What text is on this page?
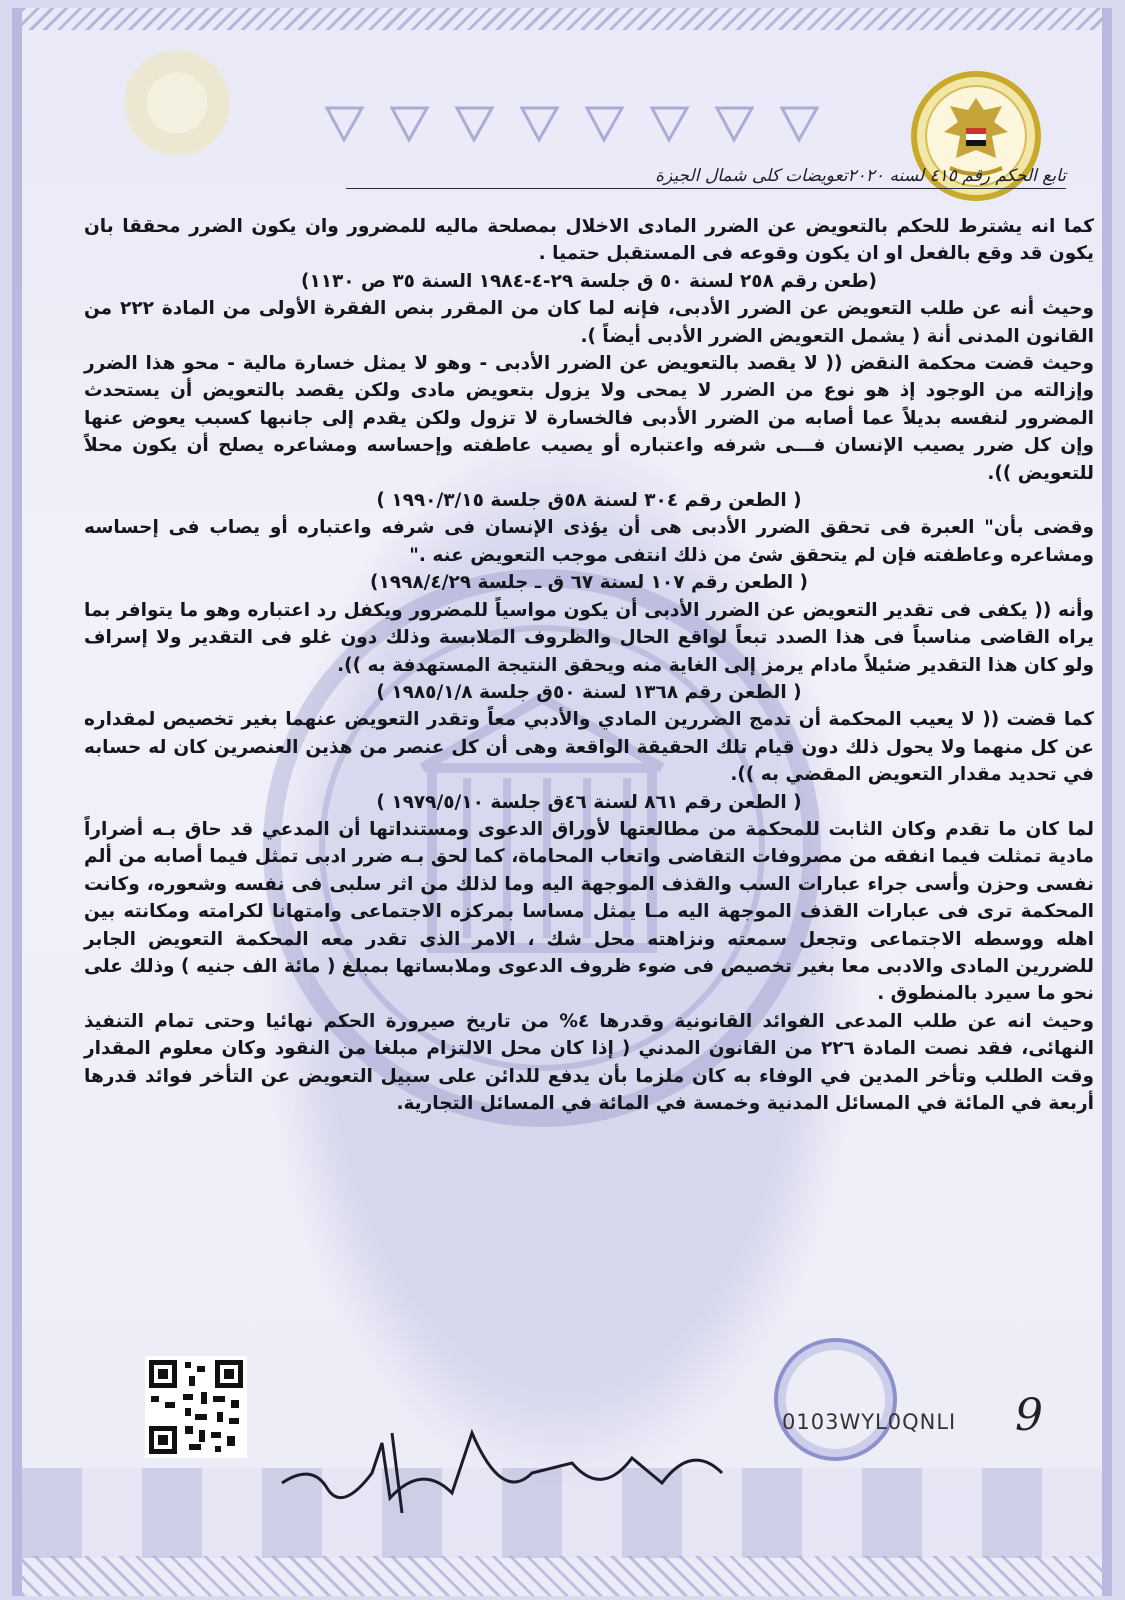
تابع الحكم رقم ٤١٥ لسنه ٢٠٢٠تعويضات كلى شمال الجيزة

كما انه يشترط للحكم بالتعويض عن الضرر المادى الاخلال بمصلحة ماليه للمضرور وان يكون الضرر محققا بان يكون قد وقع بالفعل او ان يكون وقوعه فى المستقبل حتميا .

(طعن رقم ٢٥٨ لسنة ٥٠ ق جلسة ٢٩-٤-١٩٨٤ السنة ٣٥ ص ١١٣٠)

وحيث أنه عن طلب التعويض عن الضرر الأدبى، فإنه لما كان من المقرر بنص الفقرة الأولى من المادة ٢٢٢ من القانون المدنى أنة ( يشمل التعويض الضرر الأدبى أيضاً ).

وحيث قضت محكمة النقض (( لا يقصد بالتعويض عن الضرر الأدبى - وهو لا يمثل خسارة مالية - محو هذا الضرر وإزالته من الوجود إذ هو نوع من الضرر لا يمحى ولا يزول بتعويض مادى ولكن يقصد بالتعويض أن يستحدث المضرور لنفسه بديلاً عما أصابه من الضرر الأدبى فالخسارة لا تزول ولكن يقدم إلى جانبها كسبب يعوض عنها وإن كل ضرر يصيب الإنسان فـــى شرفه واعتباره أو يصيب عاطفته وإحساسه ومشاعره يصلح أن يكون محلاً للتعويض )).

( الطعن رقم ٣٠٤ لسنة ٥٨ق جلسة ١٩٩٠/٣/١٥ )

وقضى بأن" العبرة فى تحقق الضرر الأدبى هى أن يؤذى الإنسان فى شرفه واعتباره أو يصاب فى إحساسه ومشاعره وعاطفته فإن لم يتحقق شئ من ذلك انتفى موجب التعويض عنه ."

( الطعن رقم ١٠٧ لسنة ٦٧ ق ـ جلسة ١٩٩٨/٤/٢٩)

وأنه (( يكفى فى تقدير التعويض عن الضرر الأدبى أن يكون مواسياً للمضرور ويكفل رد اعتباره وهو ما يتوافر بما يراه القاضى مناسباً فى هذا الصدد تبعاً لواقع الحال والظروف الملابسة وذلك دون غلو فى التقدير ولا إسراف ولو كان هذا التقدير ضئيلاً مادام يرمز إلى الغاية منه ويحقق النتيجة المستهدفة به )).

( الطعن رقم ١٣٦٨ لسنة ٥٠ق جلسة ١٩٨٥/١/٨ )

كما قضت (( لا يعيب المحكمة أن تدمج الضررين المادي والأدبي معاً وتقدر التعويض عنهما بغير تخصيص لمقداره عن كل منهما ولا يحول ذلك دون قيام تلك الحقيقة الواقعة وهى أن كل عنصر من هذين العنصرين كان له حسابه في تحديد مقدار التعويض المقضي به )).

( الطعن رقم ٨٦١ لسنة ٤٦ق جلسة ١٩٧٩/٥/١٠ )

لما كان ما تقدم وكان الثابت للمحكمة من مطالعتها لأوراق الدعوى ومستنداتها أن المدعي قد حاق بـه أضراراً مادية تمثلت فيما انفقه من مصروفات التقاضى واتعاب المحاماة، كما لحق بـه ضرر ادبى تمثل فيما أصابه من ألم نفسى وحزن وأسى جراء عبارات السب والقذف الموجهة اليه وما لذلك من اثر سلبى فى نفسه وشعوره، وكانت المحكمة ترى فى عبارات القذف الموجهة اليه مـا يمثل مساسا بمركزه الاجتماعى وامتهانا لكرامته ومكانته بين اهله ووسطه الاجتماعى وتجعل سمعته ونزاهته محل شك ، الامر الذى تقدر معه المحكمة التعويض الجابر للضررين المادى والادبى معا بغير تخصيص فى ضوء ظروف الدعوى وملابساتها بمبلغ ( مائة الف جنيه ) وذلك على نحو ما سيرد بالمنطوق .

وحيث انه عن طلب المدعى الفوائد القانونية وقدرها ٤% من تاريخ صيرورة الحكم نهائيا وحتى تمام التنفيذ النهائى، فقد نصت المادة ٢٢٦ من القانون المدني ( إذا كان محل الالتزام مبلغا من النقود وكان معلوم المقدار وقت الطلب وتأخر المدين في الوفاء به كان ملزما بأن يدفع للدائن على سبيل التعويض عن التأخر فوائد قدرها أربعة في المائة في المسائل المدنية وخمسة في المائة في المسائل التجارية.

0103WYL0QNLI 9
